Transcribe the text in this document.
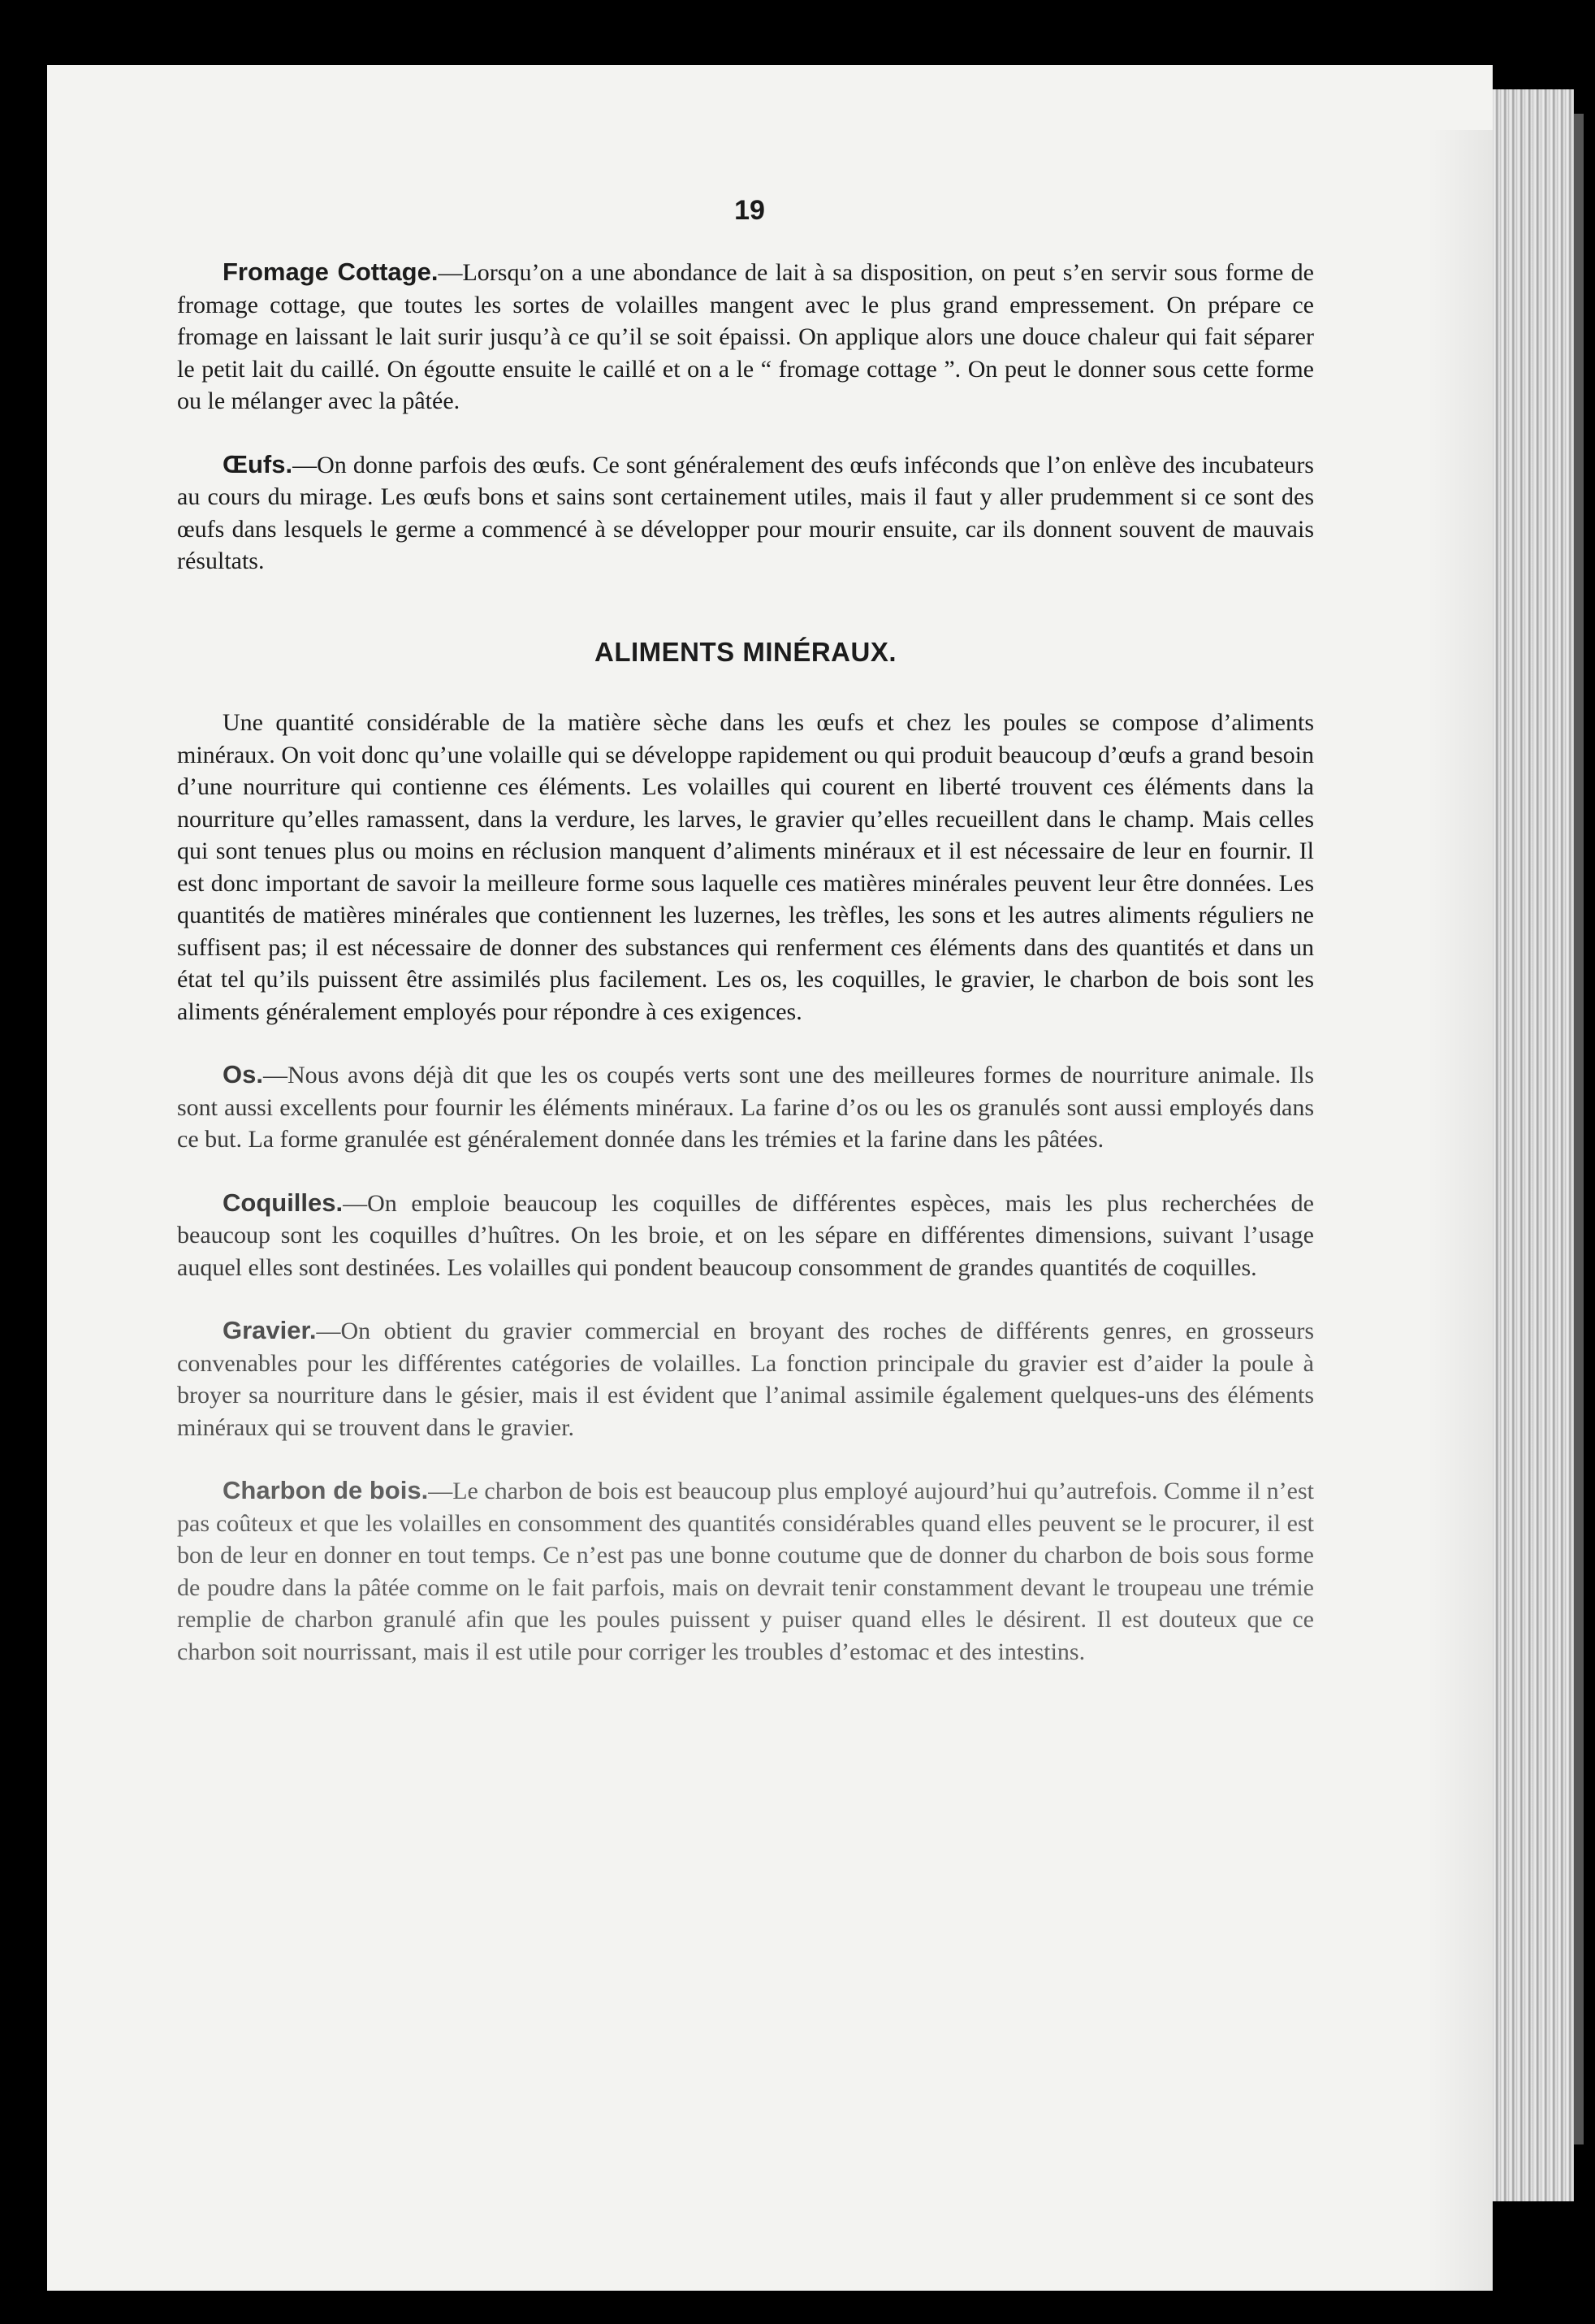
19

Fromage Cottage.—Lorsqu’on a une abondance de lait à sa disposition, on peut s’en servir sous forme de fromage cottage, que toutes les sortes de volailles mangent avec le plus grand empressement. On prépare ce fromage en laissant le lait surir jusqu’à ce qu’il se soit épaissi. On applique alors une douce chaleur qui fait séparer le petit lait du caillé. On égoutte ensuite le caillé et on a le “ fromage cottage ”. On peut le donner sous cette forme ou le mélanger avec la pâtée.

Œufs.—On donne parfois des œufs. Ce sont généralement des œufs inféconds que l’on enlève des incubateurs au cours du mirage. Les œufs bons et sains sont certainement utiles, mais il faut y aller prudemment si ce sont des œufs dans lesquels le germe a commencé à se développer pour mourir ensuite, car ils donnent souvent de mauvais résultats.

ALIMENTS MINÉRAUX.

Une quantité considérable de la matière sèche dans les œufs et chez les poules se compose d’aliments minéraux. On voit donc qu’une volaille qui se développe rapidement ou qui produit beaucoup d’œufs a grand besoin d’une nourriture qui contienne ces éléments. Les volailles qui courent en liberté trouvent ces éléments dans la nourriture qu’elles ramassent, dans la verdure, les larves, le gravier qu’elles recueillent dans le champ. Mais celles qui sont tenues plus ou moins en réclusion manquent d’aliments minéraux et il est nécessaire de leur en fournir. Il est donc important de savoir la meilleure forme sous laquelle ces matières minérales peuvent leur être données. Les quantités de matières minérales que contiennent les luzernes, les trèfles, les sons et les autres aliments réguliers ne suffisent pas; il est nécessaire de donner des substances qui renferment ces éléments dans des quantités et dans un état tel qu’ils puissent être assimilés plus facilement. Les os, les coquilles, le gravier, le charbon de bois sont les aliments généralement employés pour répondre à ces exigences.

Os.—Nous avons déjà dit que les os coupés verts sont une des meilleures formes de nourriture animale. Ils sont aussi excellents pour fournir les éléments minéraux. La farine d’os ou les os granulés sont aussi employés dans ce but. La forme granulée est généralement donnée dans les trémies et la farine dans les pâtées.

Coquilles.—On emploie beaucoup les coquilles de différentes espèces, mais les plus recherchées de beaucoup sont les coquilles d’huîtres. On les broie, et on les sépare en différentes dimensions, suivant l’usage auquel elles sont destinées. Les volailles qui pondent beaucoup consomment de grandes quantités de coquilles.

Gravier.—On obtient du gravier commercial en broyant des roches de différents genres, en grosseurs convenables pour les différentes catégories de volailles. La fonction principale du gravier est d’aider la poule à broyer sa nourriture dans le gésier, mais il est évident que l’animal assimile également quelques-uns des éléments minéraux qui se trouvent dans le gravier.

Charbon de bois.—Le charbon de bois est beaucoup plus employé aujourd’hui qu’autrefois. Comme il n’est pas coûteux et que les volailles en consomment des quantités considérables quand elles peuvent se le procurer, il est bon de leur en donner en tout temps. Ce n’est pas une bonne coutume que de donner du charbon de bois sous forme de poudre dans la pâtée comme on le fait parfois, mais on devrait tenir constamment devant le troupeau une trémie remplie de charbon granulé afin que les poules puissent y puiser quand elles le désirent. Il est douteux que ce charbon soit nourrissant, mais il est utile pour corriger les troubles d’estomac et des intestins.
